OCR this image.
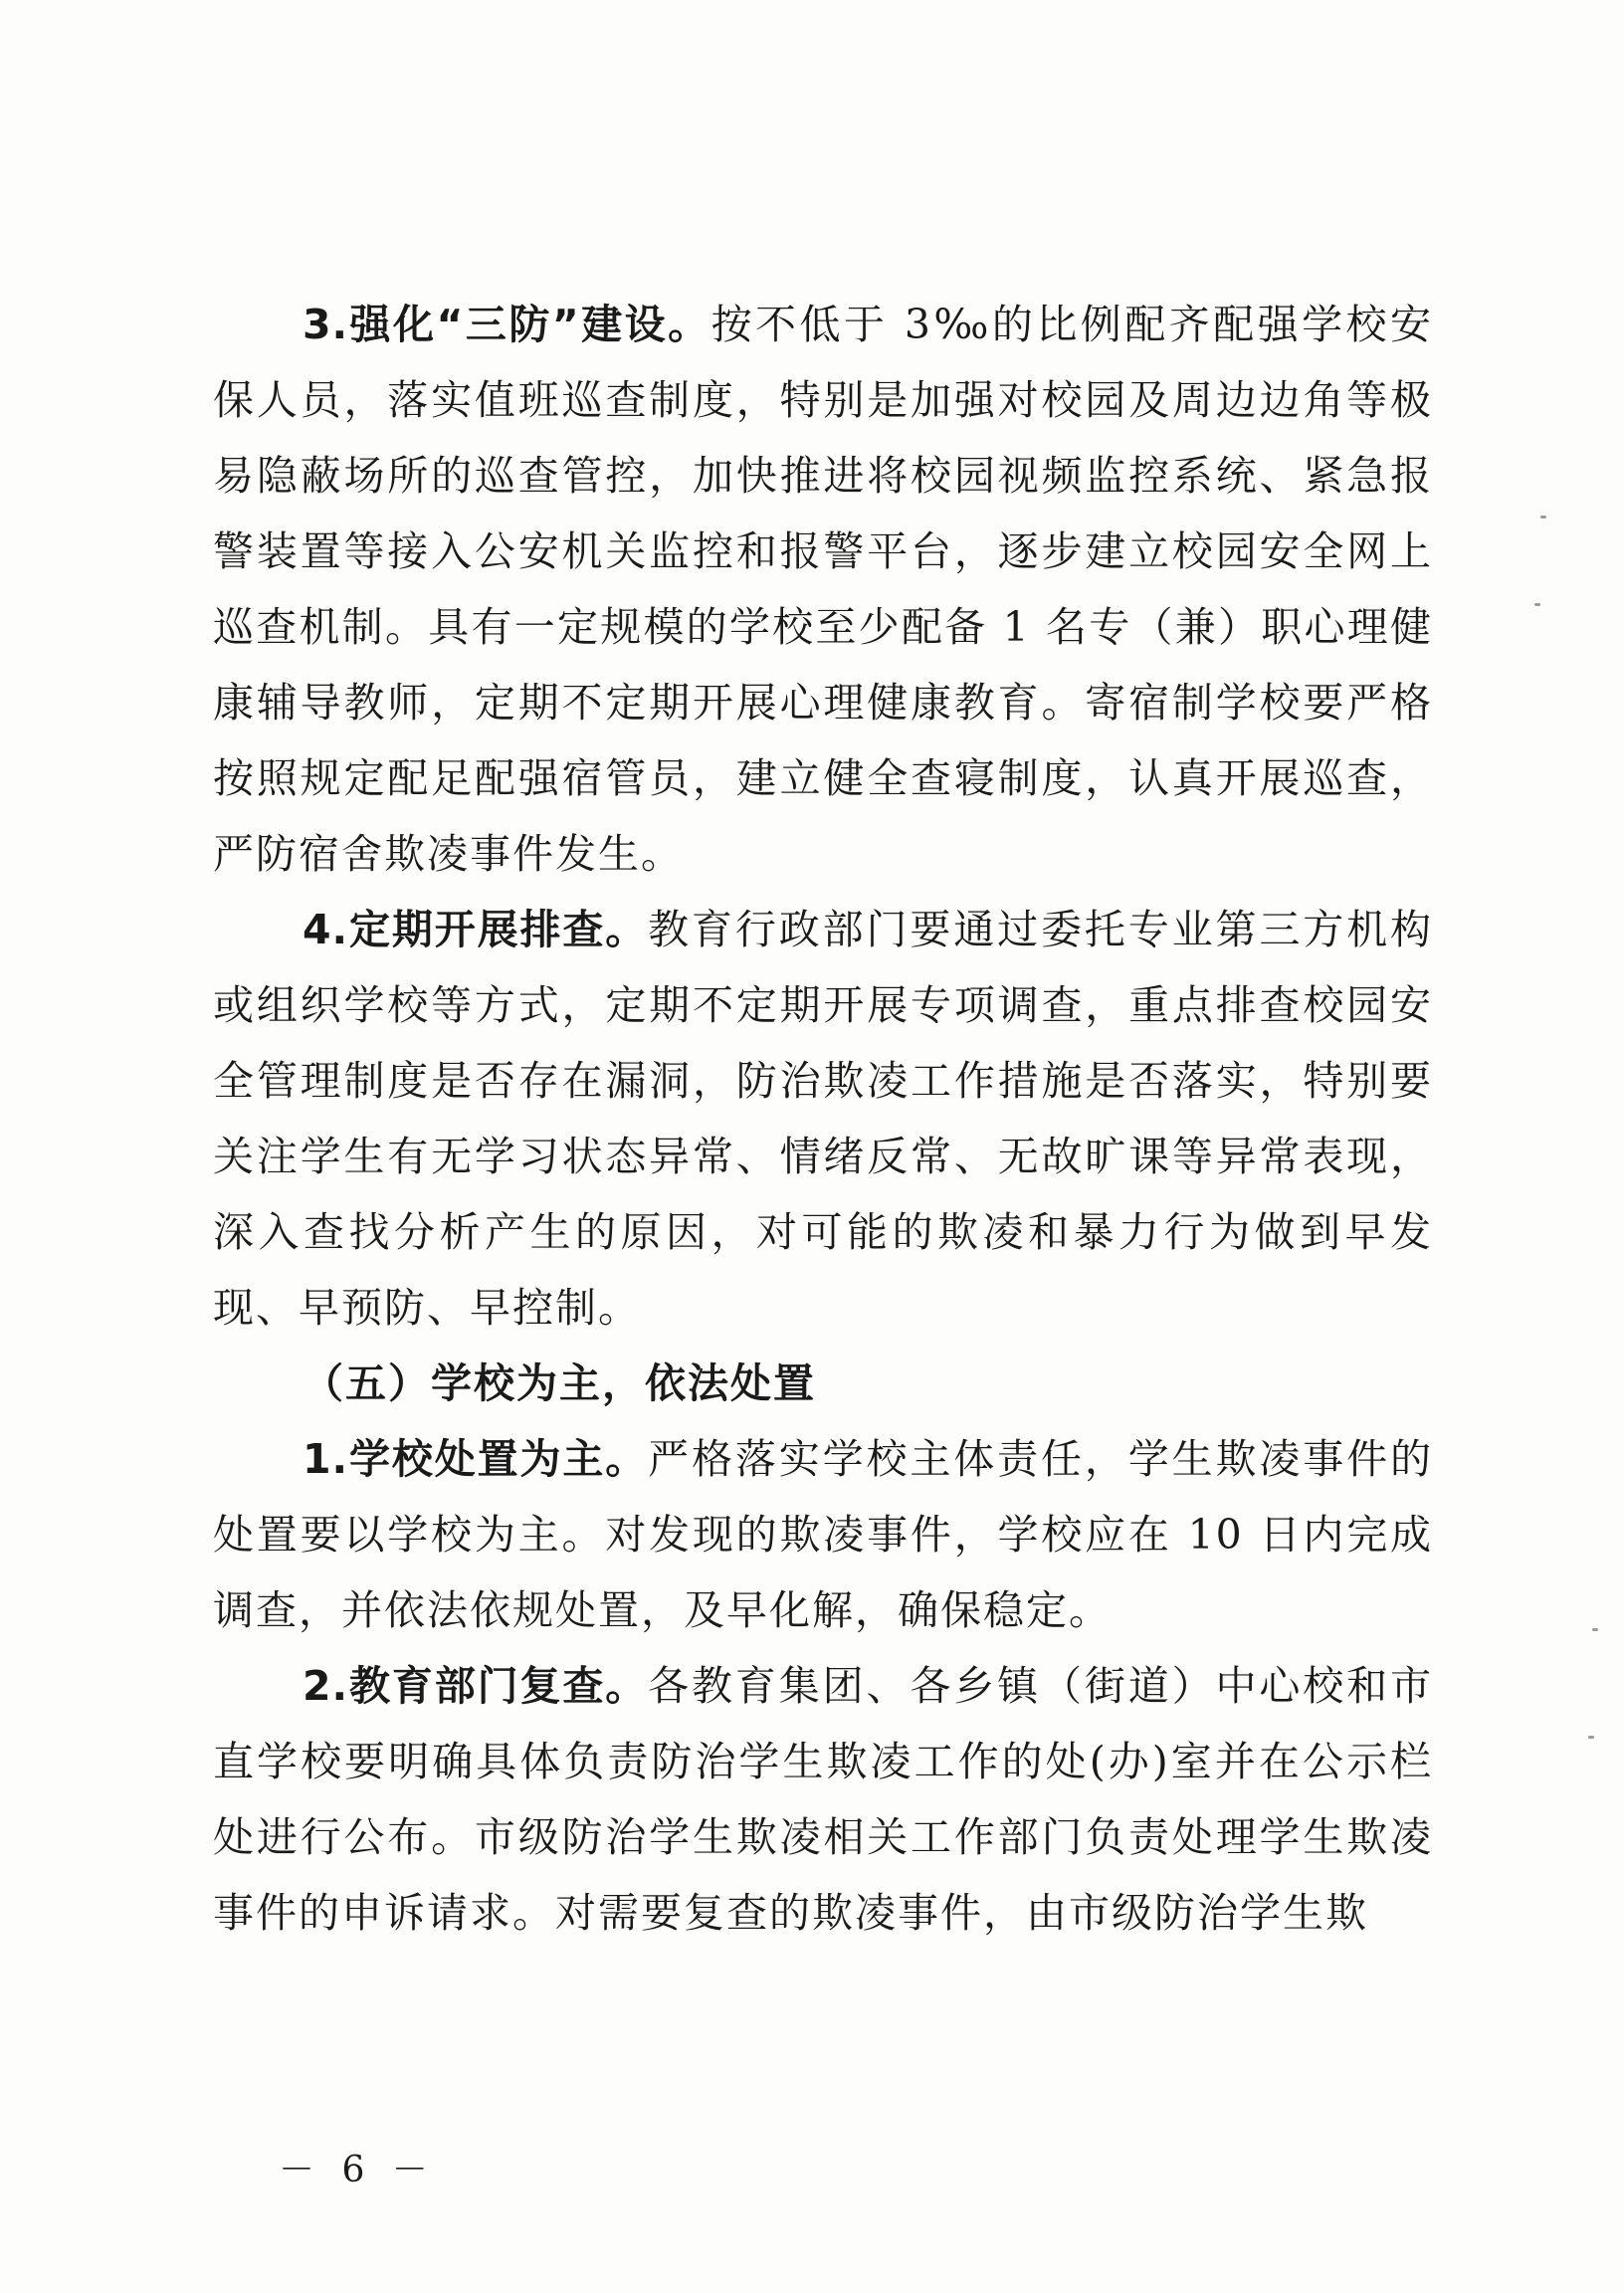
3.强化“三防”建设。按不低于 3‰的比例配齐配强学校安保人员，落实值班巡查制度，特别是加强对校园及周边边角等极易隐蔽场所的巡查管控，加快推进将校园视频监控系统、紧急报警装置等接入公安机关监控和报警平台，逐步建立校园安全网上巡查机制。具有一定规模的学校至少配备 1 名专（兼）职心理健康辅导教师，定期不定期开展心理健康教育。寄宿制学校要严格按照规定配足配强宿管员，建立健全查寝制度，认真开展巡查，严防宿舍欺凌事件发生。

4.定期开展排查。教育行政部门要通过委托专业第三方机构或组织学校等方式，定期不定期开展专项调查，重点排查校园安全管理制度是否存在漏洞，防治欺凌工作措施是否落实，特别要关注学生有无学习状态异常、情绪反常、无故旷课等异常表现，深入查找分析产生的原因，对可能的欺凌和暴力行为做到早发现、早预防、早控制。

（五）学校为主，依法处置

1.学校处置为主。严格落实学校主体责任，学生欺凌事件的处置要以学校为主。对发现的欺凌事件，学校应在 10 日内完成调查，并依法依规处置，及早化解，确保稳定。

2.教育部门复查。各教育集团、各乡镇（街道）中心校和市直学校要明确具体负责防治学生欺凌工作的处(办)室并在公示栏处进行公布。市级防治学生欺凌相关工作部门负责处理学生欺凌事件的申诉请求。对需要复查的欺凌事件，由市级防治学生欺

－ 6 －
